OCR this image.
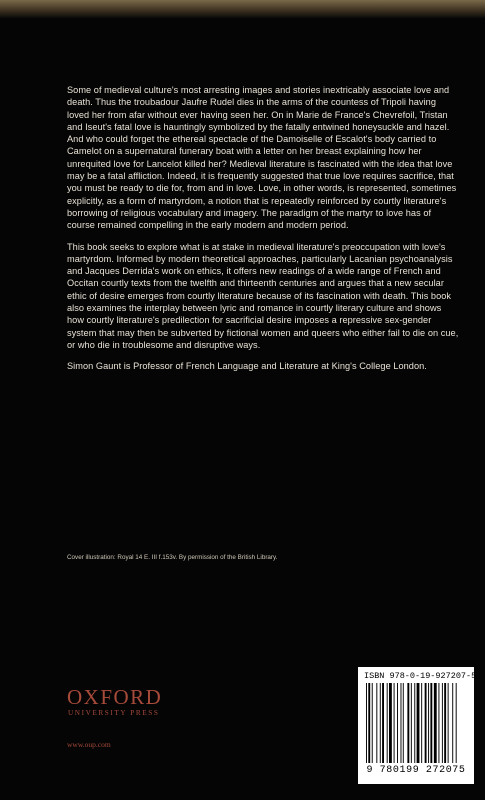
Some of medieval culture's most arresting images and stories inextricably associate love and death. Thus the troubadour Jaufre Rudel dies in the arms of the countess of Tripoli having loved her from afar without ever having seen her. On in Marie de France's Chevrefoil, Tristan and Iseut's fatal love is hauntingly symbolized by the fatally entwined honeysuckle and hazel. And who could forget the ethereal spectacle of the Damoiselle of Escalot's body carried to Camelot on a supernatural funerary boat with a letter on her breast explaining how her unrequited love for Lancelot killed her? Medieval literature is fascinated with the idea that love may be a fatal affliction. Indeed, it is frequently suggested that true love requires sacrifice, that you must be ready to die for, from and in love. Love, in other words, is represented, sometimes explicitly, as a form of martyrdom, a notion that is repeatedly reinforced by courtly literature's borrowing of religious vocabulary and imagery. The paradigm of the martyr to love has of course remained compelling in the early modern and modern period.

This book seeks to explore what is at stake in medieval literature's preoccupation with love's martyrdom. Informed by modern theoretical approaches, particularly Lacanian psychoanalysis and Jacques Derrida's work on ethics, it offers new readings of a wide range of French and Occitan courtly texts from the twelfth and thirteenth centuries and argues that a new secular ethic of desire emerges from courtly literature because of its fascination with death. This book also examines the interplay between lyric and romance in courtly literary culture and shows how courtly literature's predilection for sacrificial desire imposes a repressive sex-gender system that may then be subverted by fictional women and queers who either fail to die on cue, or who die in troublesome and disruptive ways.

Simon Gaunt is Professor of French Language and Literature at King's College London.

Cover illustration: Royal 14 E. III f.153v. By permission of the British Library.
OXFORD
UNIVERSITY PRESS
www.oup.com
ISBN 978-0-19-927207-5
9 780199 272075
